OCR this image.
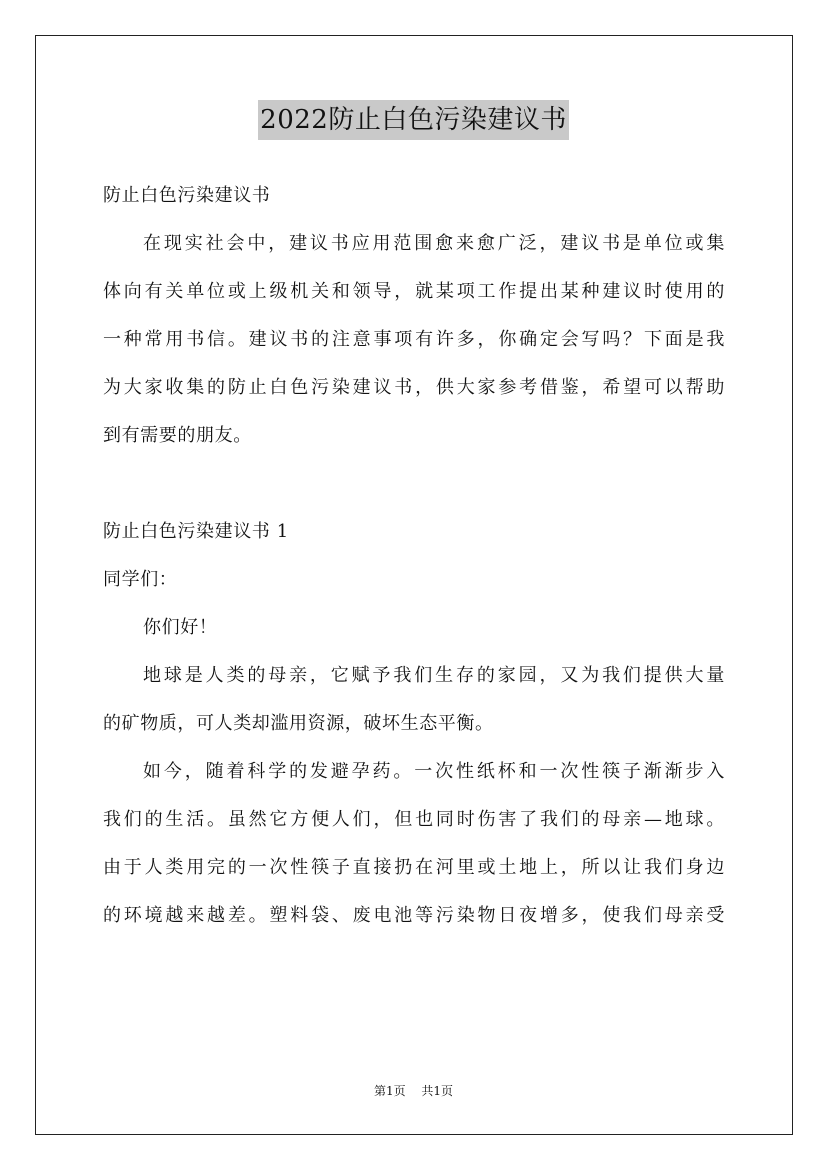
2022防止白色污染建议书
防止白色污染建议书
在现实社会中，建议书应用范围愈来愈广泛，建议书是单位或集
体向有关单位或上级机关和领导，就某项工作提出某种建议时使用的
一种常用书信。建议书的注意事项有许多，你确定会写吗？下面是我
为大家收集的防止白色污染建议书，供大家参考借鉴，希望可以帮助
到有需要的朋友。
防止白色污染建议书 1
同学们：
你们好！
地球是人类的母亲，它赋予我们生存的家园，又为我们提供大量
的矿物质，可人类却滥用资源，破坏生态平衡。
如今，随着科学的发避孕药。一次性纸杯和一次性筷子渐渐步入
我们的生活。虽然它方便人们，但也同时伤害了我们的母亲—地球。
由于人类用完的一次性筷子直接扔在河里或土地上，所以让我们身边
的环境越来越差。塑料袋、废电池等污染物日夜增多，使我们母亲受
第1页 共1页
